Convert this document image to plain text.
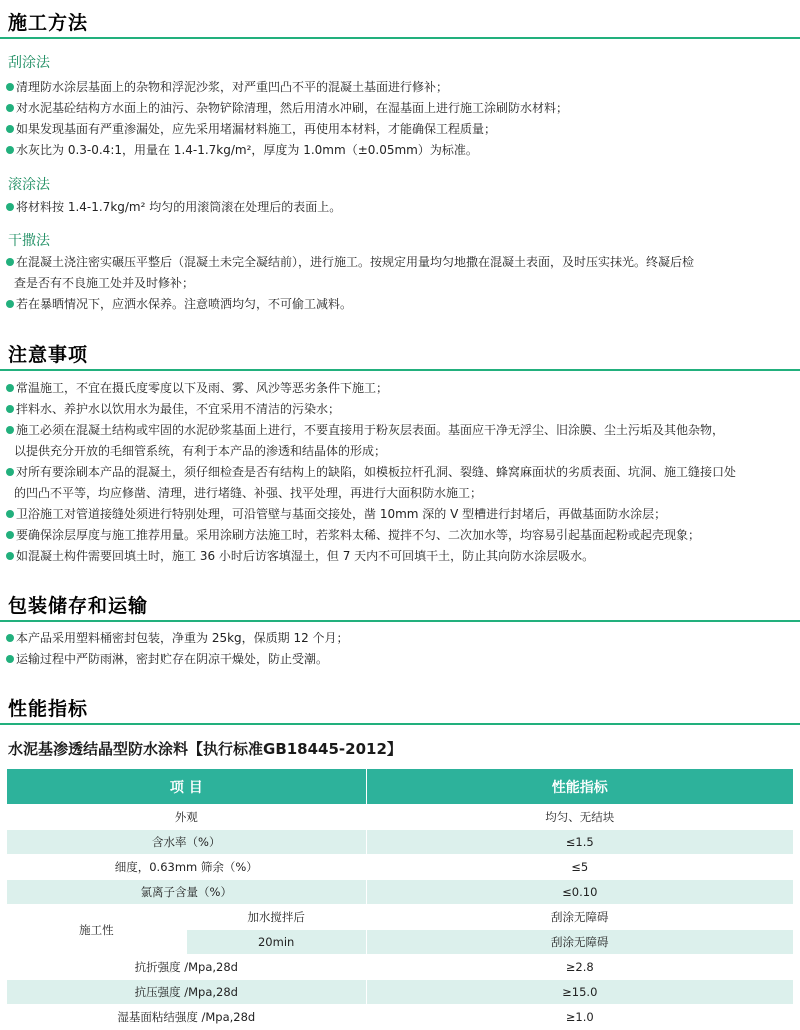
施工方法
刮涂法
清理防水涂层基面上的杂物和浮泥沙浆，对严重凹凸不平的混凝土基面进行修补；
对水泥基砼结构方水面上的油污、杂物铲除清理，然后用清水冲刷，在湿基面上进行施工涂刷防水材料；
如果发现基面有严重渗漏处，应先采用堵漏材料施工，再使用本材料，才能确保工程质量；
水灰比为 0.3-0.4:1，用量在 1.4-1.7kg/m²，厚度为 1.0mm（±0.05mm）为标准。
滚涂法
将材料按 1.4-1.7kg/m² 均匀的用滚筒滚在处理后的表面上。
干撒法
在混凝土浇注密实碾压平整后（混凝土未完全凝结前），进行施工。按规定用量均匀地撒在混凝土表面，及时压实抹光。终凝后检
查是否有不良施工处并及时修补；
若在暴晒情况下，应洒水保养。注意喷洒均匀，不可偷工减料。
注意事项
常温施工，不宜在摄氏度零度以下及雨、雾、风沙等恶劣条件下施工；
拌料水、养护水以饮用水为最佳，不宜采用不清洁的污染水；
施工必须在混凝土结构或牢固的水泥砂浆基面上进行，不要直接用于粉灰层表面。基面应干净无浮尘、旧涂膜、尘土污垢及其他杂物，
以提供充分开放的毛细管系统，有利于本产品的渗透和结晶体的形成；
对所有要涂刷本产品的混凝土，须仔细检查是否有结构上的缺陷，如模板拉杆孔洞、裂缝、蜂窝麻面状的劣质表面、坑洞、施工缝接口处
的凹凸不平等，均应修凿、清理，进行堵缝、补强、找平处理，再进行大面积防水施工；
卫浴施工对管道接缝处须进行特别处理，可沿管壁与基面交接处，凿 10mm 深的 V 型槽进行封堵后，再做基面防水涂层；
要确保涂层厚度与施工推荐用量。采用涂刷方法施工时，若浆料太稀、搅拌不匀、二次加水等，均容易引起基面起粉或起壳现象；
如混凝土构件需要回填土时，施工 36 小时后访客填湿土，但 7 天内不可回填干土，防止其向防水涂层吸水。
包装储存和运输
本产品采用塑料桶密封包装，净重为 25kg，保质期 12 个月；
运输过程中严防雨淋，密封贮存在阴凉干燥处，防止受潮。
性能指标
水泥基渗透结晶型防水涂料【执行标准GB18445-2012】
项 目		性能指标
外观		均匀、无结块
含水率（%）		≤1.5
细度，0.63mm 筛余（%）		≤5
氯离子含量（%）		≤0.10
施工性	加水搅拌后	刮涂无障碍
	20min	刮涂无障碍
抗折强度 /Mpa,28d		≥2.8
抗压强度 /Mpa,28d		≥15.0
湿基面粘结强度 /Mpa,28d		≥1.0
